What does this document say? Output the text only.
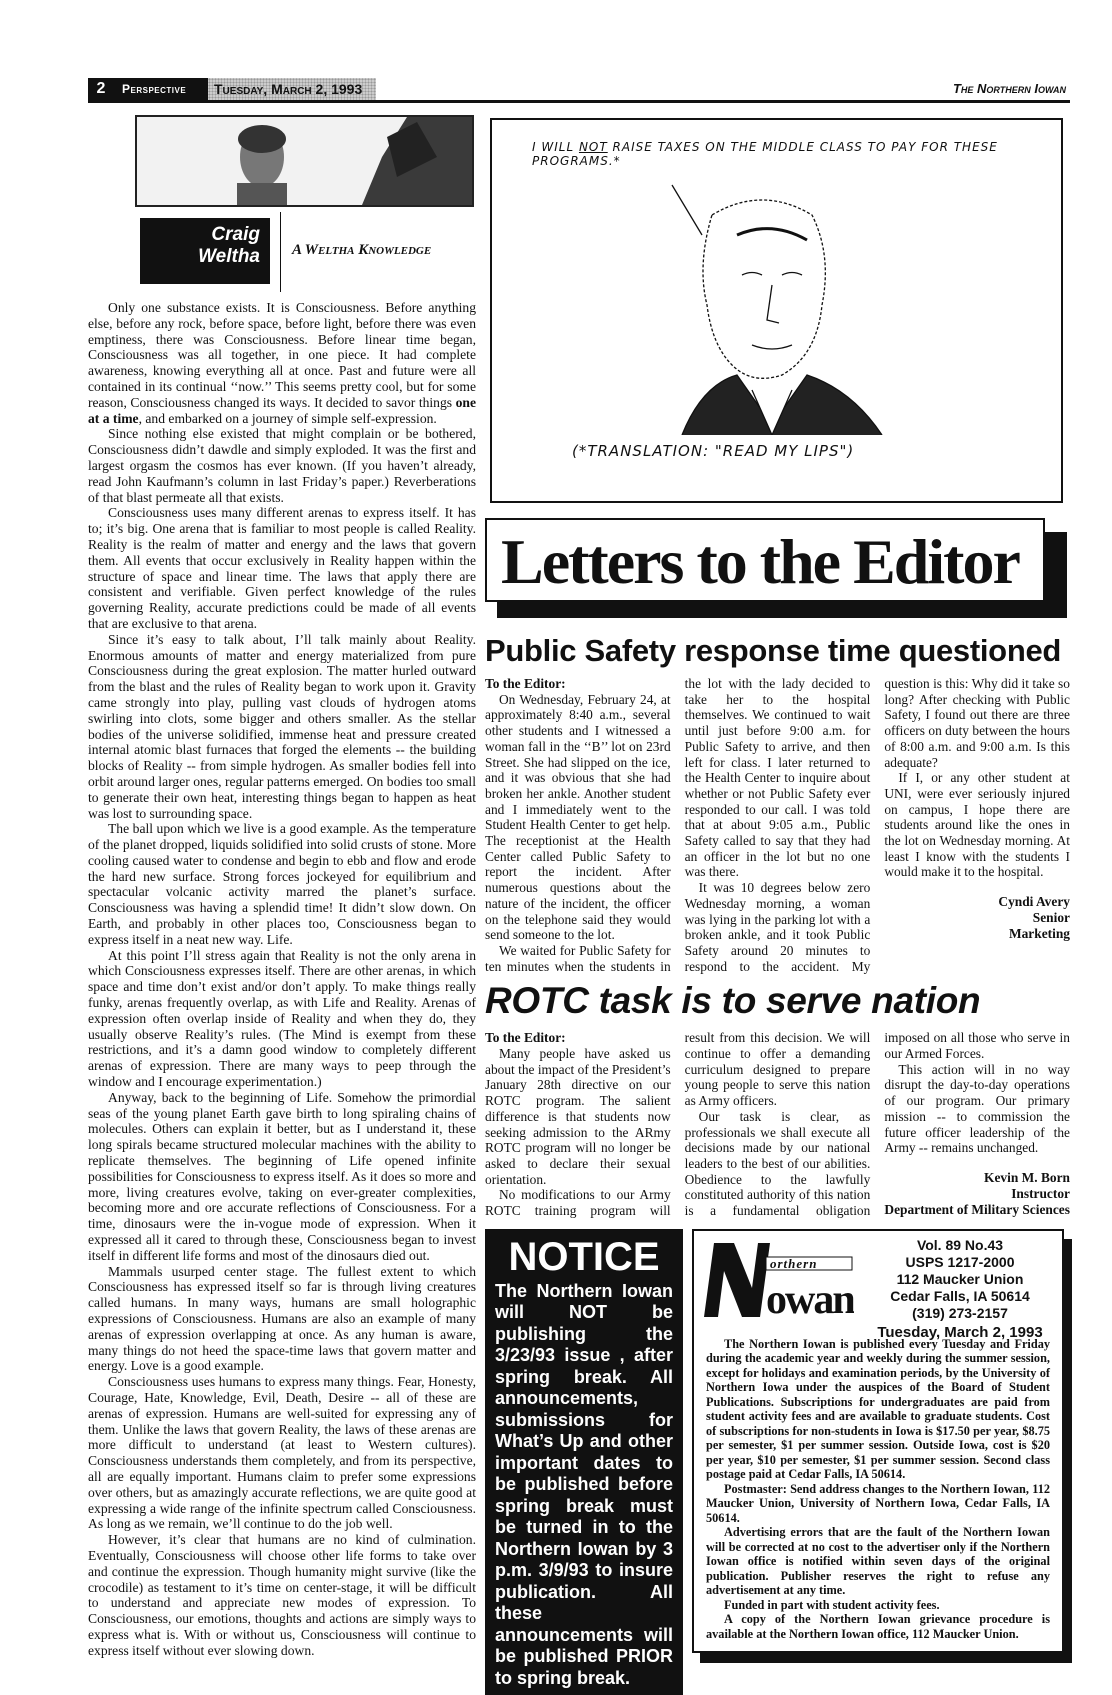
2	Perspective	Tuesday, March 2, 1993	The Northern Iowan
Craig
Weltha A Weltha Knowledge

Only one substance exists. It is Consciousness. Before anything else, before any rock, before space, before light, before there was even emptiness, there was Consciousness. Before linear time began, Consciousness was all together, in one piece. It had complete awareness, knowing everything all at once. Past and future were all contained in its continual ‘‘now.’’ This seems pretty cool, but for some reason, Consciousness changed its ways. It decided to savor things one at a time, and embarked on a journey of simple self-expression.

Since nothing else existed that might complain or be bothered, Consciousness didn’t dawdle and simply exploded. It was the first and largest orgasm the cosmos has ever known. (If you haven’t already, read John Kaufmann’s column in last Friday’s paper.) Reverberations of that blast permeate all that exists.

Consciousness uses many different arenas to express itself. It has to; it’s big. One arena that is familiar to most people is called Reality. Reality is the realm of matter and energy and the laws that govern them. All events that occur exclusively in Reality happen within the structure of space and linear time. The laws that apply there are consistent and verifiable. Given perfect knowledge of the rules governing Reality, accurate predictions could be made of all events that are exclusive to that arena.

Since it’s easy to talk about, I’ll talk mainly about Reality. Enormous amounts of matter and energy materialized from pure Consciousness during the great explosion. The matter hurled outward from the blast and the rules of Reality began to work upon it. Gravity came strongly into play, pulling vast clouds of hydrogen atoms swirling into clots, some bigger and others smaller. As the stellar bodies of the universe solidified, immense heat and pressure created internal atomic blast furnaces that forged the elements -- the building blocks of Reality -- from simple hydrogen. As smaller bodies fell into orbit around larger ones, regular patterns emerged. On bodies too small to generate their own heat, interesting things began to happen as heat was lost to surrounding space.

The ball upon which we live is a good example. As the temperature of the planet dropped, liquids solidified into solid crusts of stone. More cooling caused water to condense and begin to ebb and flow and erode the hard new surface. Strong forces jockeyed for equilibrium and spectacular volcanic activity marred the planet’s surface. Consciousness was having a splendid time! It didn’t slow down. On Earth, and probably in other places too, Consciousness began to express itself in a neat new way. Life.

At this point I’ll stress again that Reality is not the only arena in which Consciousness expresses itself. There are other arenas, in which space and time don’t exist and/or don’t apply. To make things really funky, arenas frequently overlap, as with Life and Reality. Arenas of expression often overlap inside of Reality and when they do, they usually observe Reality’s rules. (The Mind is exempt from these restrictions, and it’s a damn good window to completely different arenas of expression. There are many ways to peep through the window and I encourage experimentation.)

Anyway, back to the beginning of Life. Somehow the primordial seas of the young planet Earth gave birth to long spiraling chains of molecules. Others can explain it better, but as I understand it, these long spirals became structured molecular machines with the ability to replicate themselves. The beginning of Life opened infinite possibilities for Consciousness to express itself. As it does so more and more, living creatures evolve, taking on ever-greater complexities, becoming more and ore accurate reflections of Consciousness. For a time, dinosaurs were the in-vogue mode of expression. When it expressed all it cared to through these, Consciousness began to invest itself in different life forms and most of the dinosaurs died out.

Mammals usurped center stage. The fullest extent to which Consciousness has expressed itself so far is through living creatures called humans. In many ways, humans are small holographic expressions of Consciousness. Humans are also an example of many arenas of expression overlapping at once. As any human is aware, many things do not heed the space-time laws that govern matter and energy. Love is a good example.

Consciousness uses humans to express many things. Fear, Honesty, Courage, Hate, Knowledge, Evil, Death, Desire -- all of these are arenas of expression. Humans are well-suited for expressing any of them. Unlike the laws that govern Reality, the laws of these arenas are more difficult to understand (at least to Western cultures). Consciousness understands them completely, and from its perspective, all are equally important. Humans claim to prefer some expressions over others, but as amazingly accurate reflections, we are quite good at expressing a wide range of the infinite spectrum called Consciousness. As long as we remain, we’ll continue to do the job well.

However, it’s clear that humans are no kind of culmination. Eventually, Consciousness will choose other life forms to take over and continue the expression. Though humanity might survive (like the crocodile) as testament to it’s time on center-stage, it will be difficult to understand and appreciate new modes of expression. To Consciousness, our emotions, thoughts and actions are simply ways to express what is. With or without us, Consciousness will continue to express itself without ever slowing down.

I WILL NOT RAISE TAXES ON THE MIDDLE CLASS TO PAY FOR THESE PROGRAMS.*
(*TRANSLATION: "READ MY LIPS")
Letters to the Editor
Public Safety response time questioned

To the Editor:

On Wednesday, February 24, at approximately 8:40 a.m., several other students and I witnessed a woman fall in the ‘‘B’’ lot on 23rd Street. She had slipped on the ice, and it was obvious that she had broken her ankle. Another student and I immediately went to the Student Health Center to get help. The receptionist at the Health Center called Public Safety to report the incident. After numerous questions about the nature of the incident, the officer on the telephone said they would send someone to the lot.

We waited for Public Safety for ten minutes when the students in the lot with the lady decided to take her to the hospital themselves. We continued to wait until just before 9:00 a.m. for Public Safety to arrive, and then left for class. I later returned to the Health Center to inquire about whether or not Public Safety ever responded to our call. I was told that at about 9:05 a.m., Public Safety called to say that they had an officer in the lot but no one was there.

It was 10 degrees below zero Wednesday morning, a woman was lying in the parking lot with a broken ankle, and it took Public Safety around 20 minutes to respond to the accident. My question is this: Why did it take so long? After checking with Public Safety, I found out there are three officers on duty between the hours of 8:00 a.m. and 9:00 a.m. Is this adequate?

If I, or any other student at UNI, were ever seriously injured on campus, I hope there are students around like the ones in the lot on Wednesday morning. At least I know with the students I would make it to the hospital.

Cyndi Avery
Senior
Marketing
ROTC task is to serve nation

To the Editor:

Many people have asked us about the impact of the President’s January 28th directive on our ROTC program. The salient difference is that students now seeking admission to the ARmy ROTC program will no longer be asked to declare their sexual orientation.

No modifications to our Army ROTC training program will result from this decision. We will continue to offer a demanding curriculum designed to prepare young people to serve this nation as Army officers.

Our task is clear, as professionals we shall execute all decisions made by our national leaders to the best of our abilities. Obedience to the lawfully constituted authority of this nation is a fundamental obligation imposed on all those who serve in our Armed Forces.

This action will in no way disrupt the day-to-day operations of our program. Our primary mission -- to commission the future officer leadership of the Army -- remains unchanged.

Kevin M. Born
Instructor
Department of Military Sciences
NOTICE
The Northern Iowan will NOT be publishing the 3/23/93 issue , after spring break. All announcements, submissions for What’s Up and other important dates to be published before spring break must be turned in to the Northern Iowan by 3 p.m. 3/9/93 to insure publication. All these announcements will be published PRIOR to spring break.
orthern
owan
Vol. 89 No.43
USPS 1217-2000
112 Maucker Union
Cedar Falls, IA 50614
(319) 273-2157
Tuesday, March 2, 1993

The Northern Iowan is published every Tuesday and Friday during the academic year and weekly during the summer session, except for holidays and examination periods, by the University of Northern Iowa under the auspices of the Board of Student Publications. Subscriptions for undergraduates are paid from student activity fees and are available to graduate students. Cost of subscriptions for non-students in Iowa is $17.50 per year, $8.75 per semester, $1 per summer session. Outside Iowa, cost is $20 per year, $10 per semester, $1 per summer session. Second class postage paid at Cedar Falls, IA 50614.

Postmaster: Send address changes to the Northern Iowan, 112 Maucker Union, University of Northern Iowa, Cedar Falls, IA 50614.

Advertising errors that are the fault of the Northern Iowan will be corrected at no cost to the advertiser only if the Northern Iowan office is notified within seven days of the original publication. Publisher reserves the right to refuse any advertisement at any time.

Funded in part with student activity fees.

A copy of the Northern Iowan grievance procedure is available at the Northern Iowan office, 112 Maucker Union.
